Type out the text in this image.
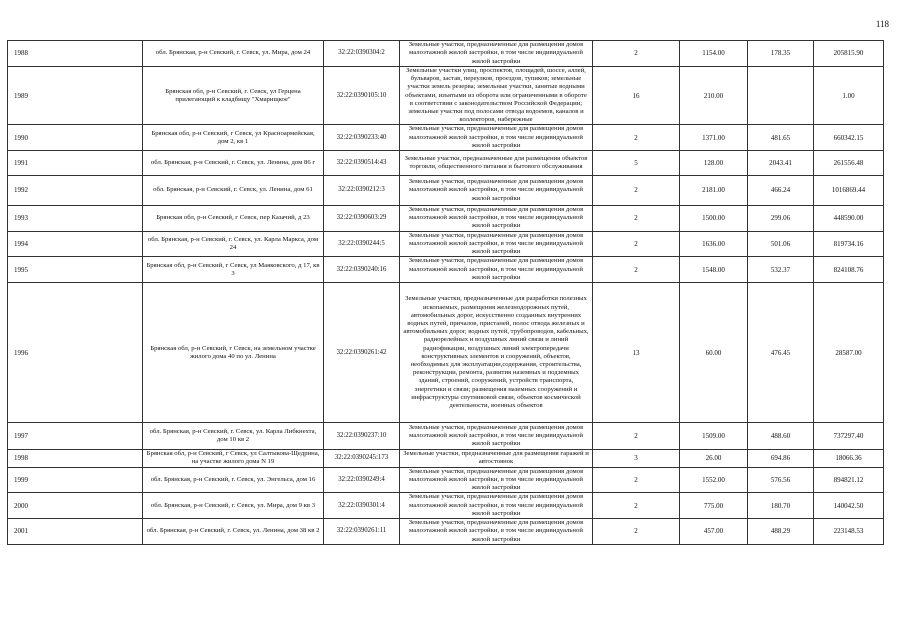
118
1988	обл. Брянская, р-н Севский, г. Севск, ул. Мира, дом 24	32:22:0390304:2	Земельные участки, предназначенные для размещения домов малоэтажной жилой застройки, в том числе индивидуальной жилой застройки	2	1154.00	178.35	205815.90
1989	Брянская обл, р-н Севский, г. Севск, ул Герцена прилегающий к кладбищу "Хмарищкое"	32:22:0390105:10	Земельные участки улиц, проспектов, площадей, шоссе, аллей, бульваров, застав, переулков, проездов, тупиков; земельные участки земель резерва; земельные участки, занятые водными объектами, изъятыми из оборота или ограниченными в обороте в соответствии с законодательством Российской Федерации; земельные участки под полосами отвода водоемов, каналов и коллекторов, набережные	16	210.00		1.00
1990	Брянская обл, р-н Севский, г Севск, ул Красноармейская, дом 2, кв 1	32:22:0390233:40	Земельные участки, предназначенные для размещения домов малоэтажной жилой застройки, в том числе индивидуальной жилой застройки	2	1371.00	481.65	660342.15
1991	обл. Брянская, р-н Севский, г. Севск, ул. Ленина, дом 86 г	32:22:0390514:43	Земельные участки, предназначенные для размещения объектов торговли, общественного питания и бытового обслуживания	5	128.00	2043.41	261556.48
1992	обл. Брянская, р-н Севский, г. Севск, ул. Ленина, дом 61	32:22:0390212:3	Земельные участки, предназначенные для размещения домов малоэтажной жилой застройки, в том числе индивидуальной жилой застройки	2	2181.00	466.24	1016869.44
1993	Брянская обл, р-н Севский, г Севск, пер Казачий, д 23	32:22:0390603:29	Земельные участки, предназначенные для размещения домов малоэтажной жилой застройки, в том числе индивидуальной жилой застройки	2	1500.00	299.06	448590.00
1994	обл. Брянская, р-н Севский, г. Севск, ул. Карла Маркса, дом 24	32:22:0390244:5	Земельные участки, предназначенные для размещения домов малоэтажной жилой застройки, в том числе индивидуальной жилой застройки	2	1636.00	501.06	819734.16
1995	Брянская обл, р-н Севский, г Севск, ул Маяковского, д 17, кв 3	32:22:0390240:16	Земельные участки, предназначенные для размещения домов малоэтажной жилой застройки, в том числе индивидуальной жилой застройки	2	1548.00	532.37	824108.76
1996	Брянская обл, р-н Севский, г Севск, на земельном участке жилого дома 40 по ул. Ленина	32:22:0390261:42	Земельные участки, предназначенные для разработки полезных ископаемых, размещения железнодорожных путей, автомобильных дорог, искусственно созданных внутренних водных путей, причалов, пристаней, полос отвода железных и автомобильных дорог, водных путей, трубопроводов, кабельных, радиорелейных и воздушных линий связи и линий радиофикации, воздушных линий электропередачи конструктивных элементов и сооружений, объектов, необходимых для эксплуатации,содержания, строительства, реконструкции, ремонта, развития наземных и подземных зданий, строений, сооружений, устройств транспорта, энергетики и связи; размещения наземных сооружений и инфраструктуры спутниковой связи, объектов космической деятельности, военных объектов	13	60.00	476.45	28587.00
1997	обл. Брянская, р-н Севский, г. Севск, ул. Карла Либкнехта, дом 10 кв 2	32:22:0390237:10	Земельные участки, предназначенные для размещения домов малоэтажной жилой застройки, в том числе индивидуальной жилой застройки	2	1509.00	488.60	737297.40
1998	Брянская обл, р-н Севский, г Севск, ул Салтыкова-Щедрина, на участке жилого дома N 19	32:22:0390245:173	Земельные участки, предназначенные для размещения гаражей и автостоянок	3	26.00	694.86	18066.36
1999	обл. Брянская, р-н Севский, г. Севск, ул. Энгельса, дом 16	32:22:0390249:4	Земельные участки, предназначенные для размещения домов малоэтажной жилой застройки, в том числе индивидуальной жилой застройки	2	1552.00	576.56	894821.12
2000	обл. Брянская, р-н Севский, г. Севск, ул. Мира, дом 9 кв 3	32:22:0390301:4	Земельные участки, предназначенные для размещения домов малоэтажной жилой застройки, в том числе индивидуальной жилой застройки	2	775.00	180.70	140042.50
2001	обл. Брянская, р-н Севский, г. Севск, ул. Ленина, дом 38 кв 2	32:22:0390261:11	Земельные участки, предназначенные для размещения домов малоэтажной жилой застройки, в том числе индивидуальной жилой застройки	2	457.00	488.29	223148.53
